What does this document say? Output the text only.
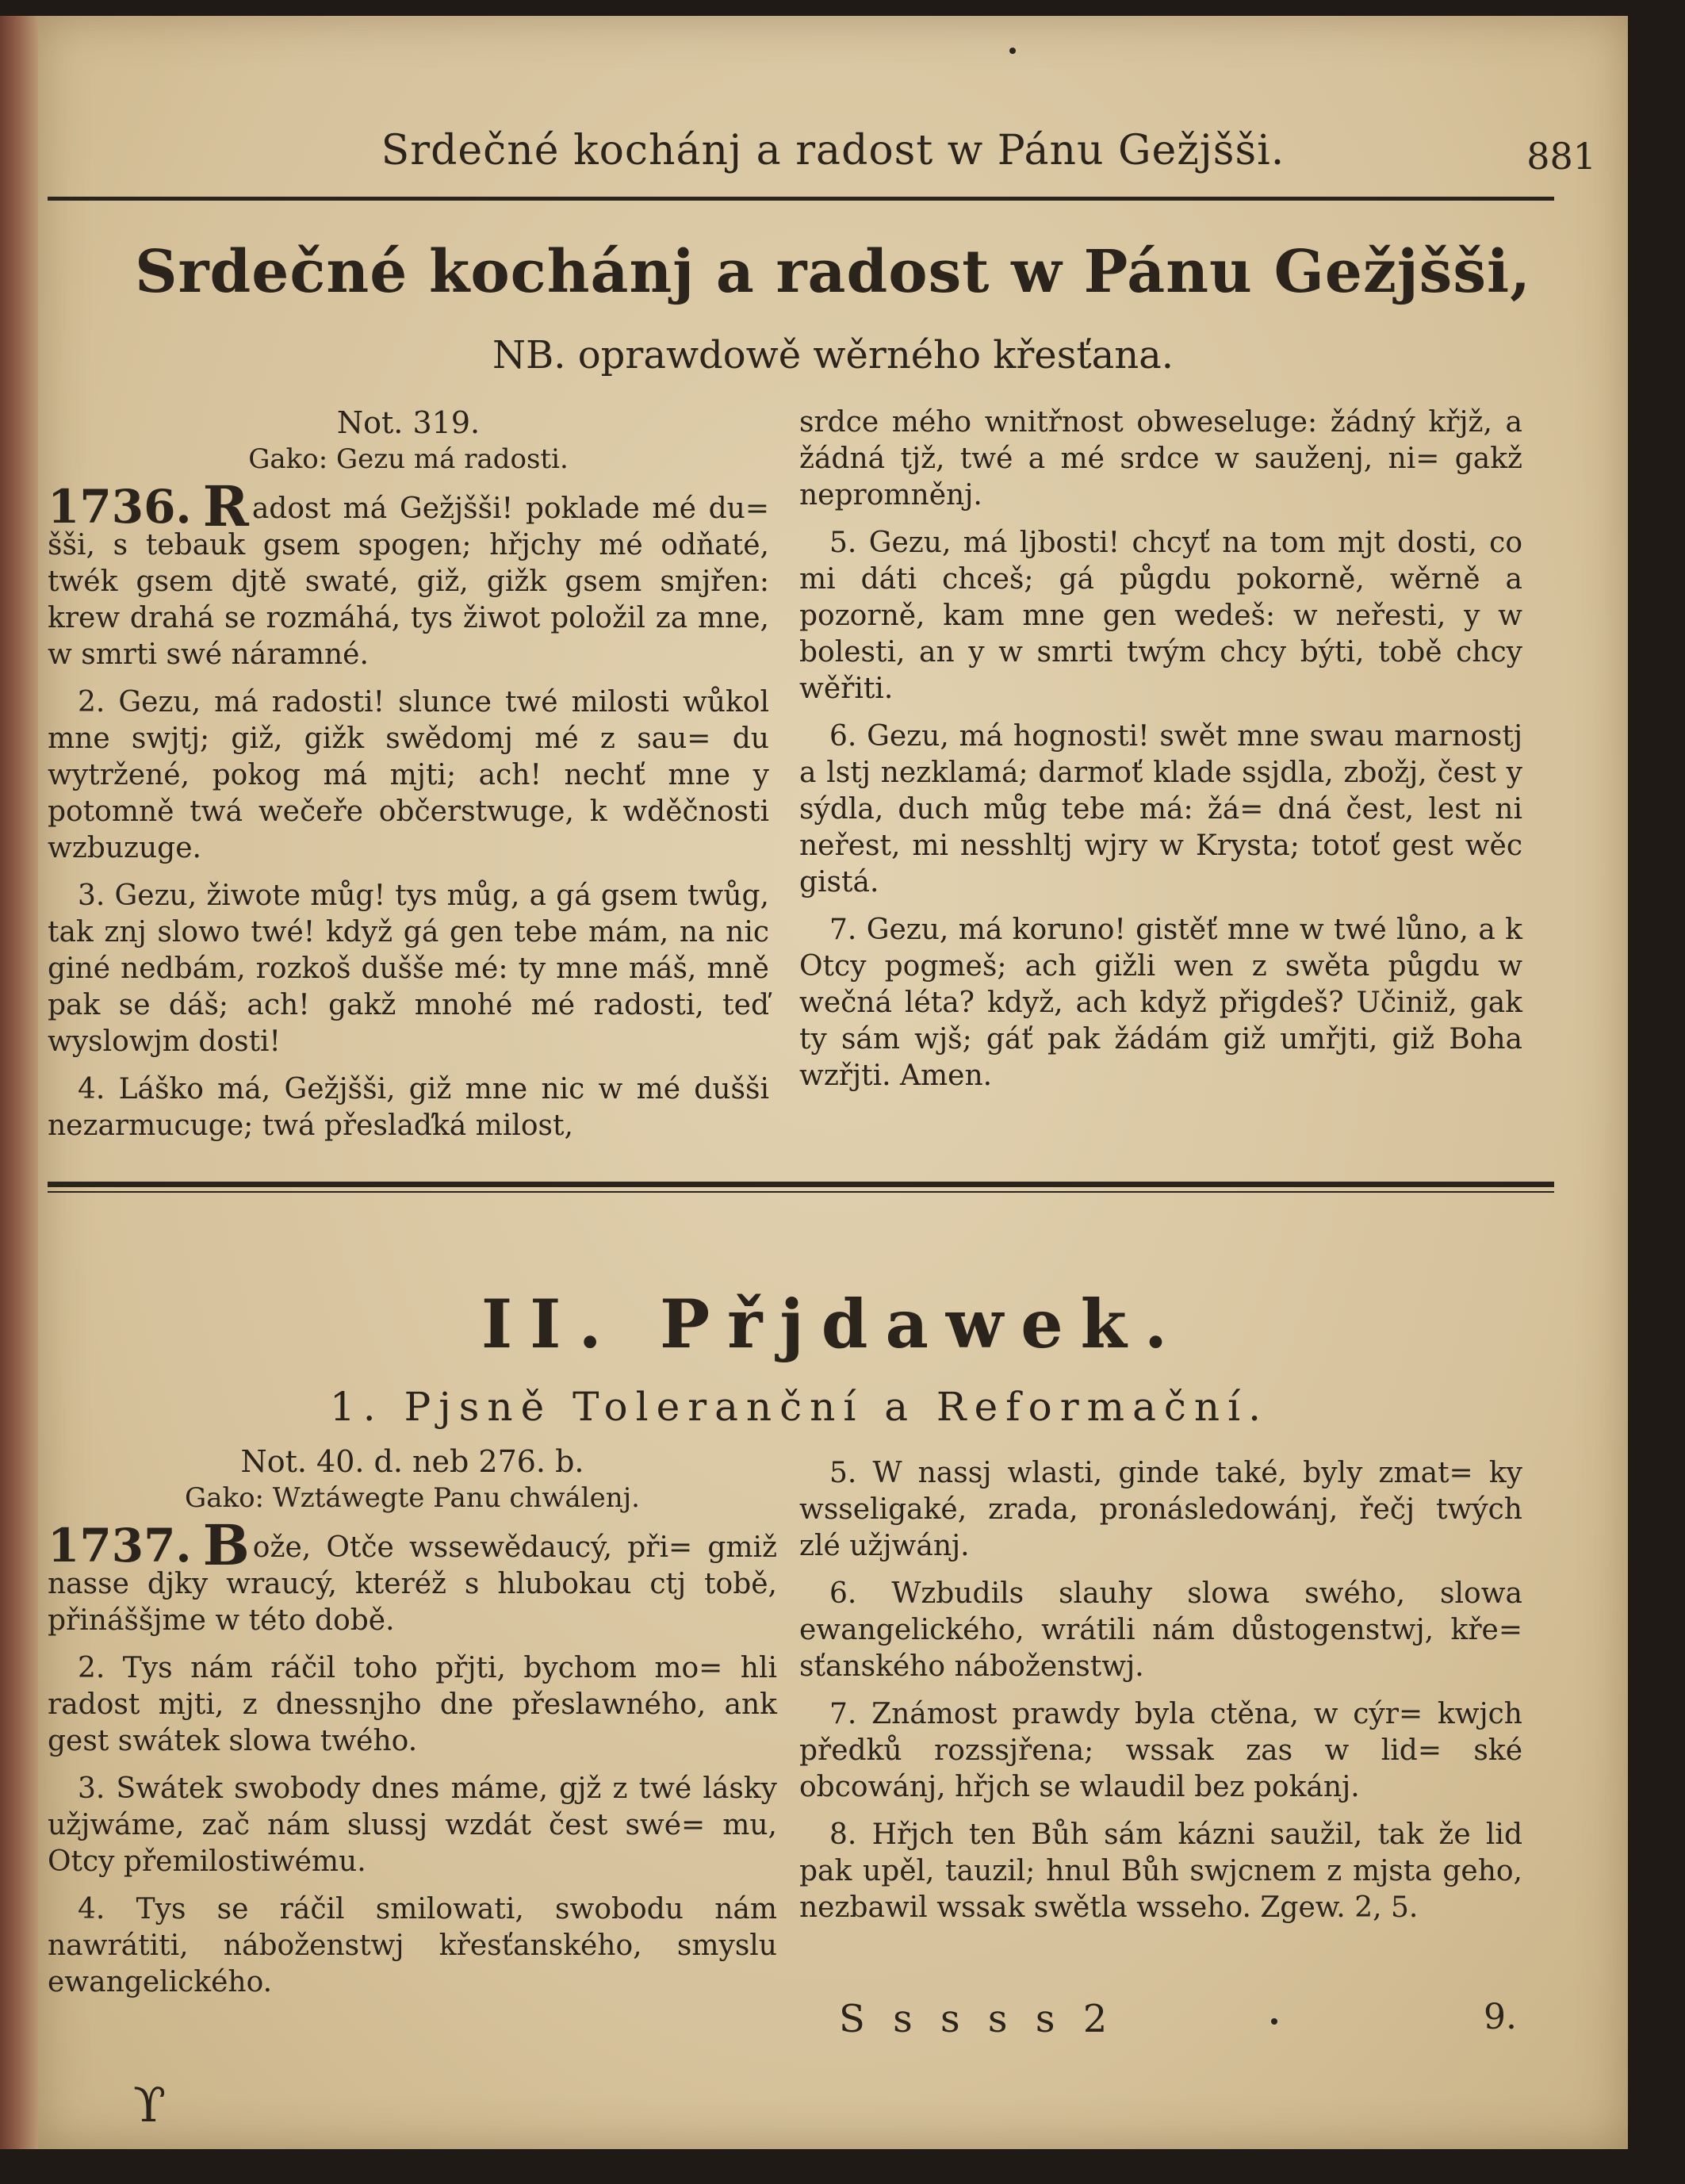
Srdečné kochánj a radost w Pánu Gežjšši.	881
Srdečné kochánj a radost w Pánu Gežjšši,
NB. oprawdowě wěrného křesťana.

Not. 319.

Gako: Gezu má radosti.

1736. R adost má Gežjšši! poklade mé du= šši, s tebauk gsem spogen; hřjchy mé odňaté, twék gsem djtě swaté, giž, gižk gsem smjřen: krew drahá se rozmáhá, tys žiwot položil za mne, w smrti swé náramné.

2. Gezu, má radosti! slunce twé milosti wůkol mne swjtj; giž, gižk swědomj mé z sau= du wytržené, pokog má mjti; ach! nechť mne y potomně twá wečeře občerstwuge, k wděčnosti wzbuzuge.

3. Gezu, žiwote můg! tys můg, a gá gsem twůg, tak znj slowo twé! když gá gen tebe mám, na nic giné nedbám, rozkoš dušše mé: ty mne máš, mně pak se dáš; ach! gakž mnohé mé radosti, teď wyslowjm dosti!

4. Láško má, Gežjšši, giž mne nic w mé dušši nezarmucuge; twá přeslaďká milost,

srdce mého wnitřnost obweseluge: žádný křjž, a žádná tjž, twé a mé srdce w sauženj, ni= gakž nepromněnj.

5. Gezu, má ljbosti! chcyť na tom mjt dosti, co mi dáti chceš; gá půgdu pokorně, wěrně a pozorně, kam mne gen wedeš: w neřesti, y w bolesti, an y w smrti twým chcy býti, tobě chcy wěřiti.

6. Gezu, má hognosti! swět mne swau marnostj a lstj nezklamá; darmoť klade ssjdla, zbožj, čest y sýdla, duch můg tebe má: žá= dná čest, lest ni neřest, mi nesshltj wjry w Krysta; totoť gest wěc gistá.

7. Gezu, má koruno! gistěť mne w twé lůno, a k Otcy pogmeš; ach gižli wen z swěta půgdu w wečná léta? když, ach když přigdeš? Učiniž, gak ty sám wjš; gáť pak žádám giž umřjti, giž Boha wzřjti. Amen.

II. Přjdawek.
1. Pjsně Toleranční a Reformační.

Not. 40. d. neb 276. b.

Gako: Wztáwegte Panu chwálenj.

1737. B ože, Otče wssewědaucý, při= gmiž nasse djky wraucý, kteréž s hlubokau ctj tobě, přináššjme w této době.

2. Tys nám ráčil toho přjti, bychom mo= hli radost mjti, z dnessnjho dne přeslawného, ank gest swátek slowa twého.

3. Swátek swobody dnes máme, gjž z twé lásky užjwáme, zač nám slussj wzdát čest swé= mu, Otcy přemilostiwému.

4. Tys se ráčil smilowati, swobodu nám nawrátiti, náboženstwj křesťanského, smyslu ewangelického.

5. W nassj wlasti, ginde také, byly zmat= ky wsseligaké, zrada, pronásledowánj, řečj twých zlé užjwánj.

6. Wzbudils slauhy slowa swého, slowa ewangelického, wrátili nám důstogenstwj, kře= sťanského náboženstwj.

7. Známost prawdy byla ctěna, w cýr= kwjch předků rozssjřena; wssak zas w lid= ské obcowánj, hřjch se wlaudil bez pokánj.

8. Hřjch ten Bůh sám kázni saužil, tak že lid pak upěl, tauzil; hnul Bůh swjcnem z mjsta geho, nezbawil wssak swětla wsseho. Zgew. 2, 5.

S s s s s 2	9.
ϒ
